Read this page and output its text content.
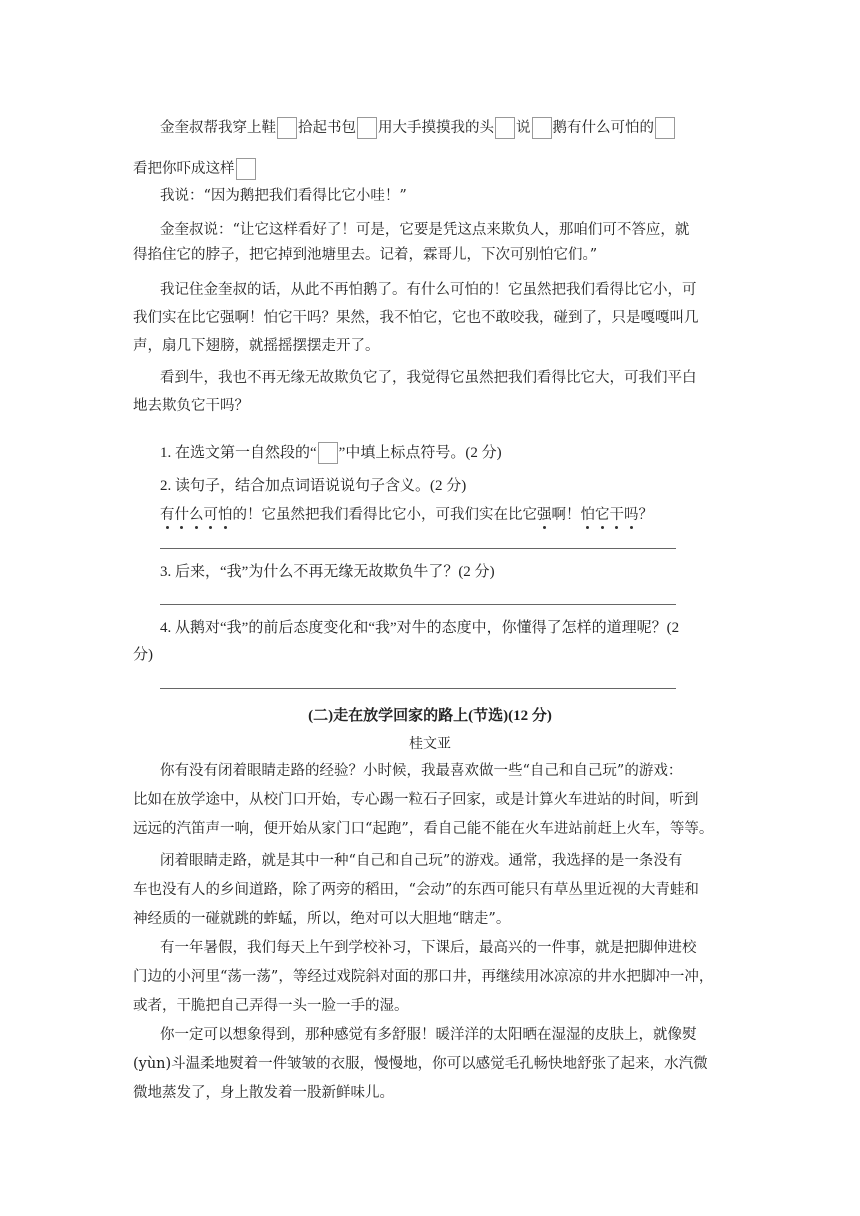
金奎叔帮我穿上鞋 拾起书包 用大手摸摸我的头 说 鹅有什么可怕的
看把你吓成这样
我说：“因为鹅把我们看得比它小哇！”
金奎叔说：“让它这样看好了！可是，它要是凭这点来欺负人，那咱们可不答应，就
得掐住它的脖子，把它掉到池塘里去。记着，霖哥儿，下次可别怕它们。”
我记住金奎叔的话，从此不再怕鹅了。有什么可怕的！它虽然把我们看得比它小，可
我们实在比它强啊！怕它干吗？果然，我不怕它，它也不敢咬我，碰到了，只是嘎嘎叫几
声，扇几下翅膀，就摇摇摆摆走开了。
看到牛，我也不再无缘无故欺负它了，我觉得它虽然把我们看得比它大，可我们平白
地去欺负它干吗？
1. 在选文第一自然段的“ ”中填上标点符号。(2 分)
2. 读句子，结合加点词语说说句子含义。(2 分)
有什么可怕的！它虽然把我们看得比它小，可我们实在比它强啊！怕它干吗？
3. 后来，“我”为什么不再无缘无故欺负牛了？(2 分)
4. 从鹅对“我”的前后态度变化和“我”对牛的态度中，你懂得了怎样的道理呢？(2
分)
(二)走在放学回家的路上(节选)(12 分)
桂文亚
你有没有闭着眼睛走路的经验？小时候，我最喜欢做一些“自己和自己玩”的游戏：
比如在放学途中，从校门口开始，专心踢一粒石子回家，或是计算火车进站的时间，听到
远远的汽笛声一响，便开始从家门口“起跑”，看自己能不能在火车进站前赶上火车，等等。
闭着眼睛走路，就是其中一种“自己和自己玩”的游戏。通常，我选择的是一条没有
车也没有人的乡间道路，除了两旁的稻田，“会动”的东西可能只有草丛里近视的大青蛙和
神经质的一碰就跳的蚱蜢，所以，绝对可以大胆地“瞎走”。
有一年暑假，我们每天上午到学校补习，下课后，最高兴的一件事，就是把脚伸进校
门边的小河里“荡一荡”，等经过戏院斜对面的那口井，再继续用冰凉凉的井水把脚冲一冲，
或者，干脆把自己弄得一头一脸一手的湿。
你一定可以想象得到，那种感觉有多舒服！暖洋洋的太阳晒在湿湿的皮肤上，就像熨
(yùn)斗温柔地熨着一件皱皱的衣服，慢慢地，你可以感觉毛孔畅快地舒张了起来，水汽微
微地蒸发了，身上散发着一股新鲜味儿。
